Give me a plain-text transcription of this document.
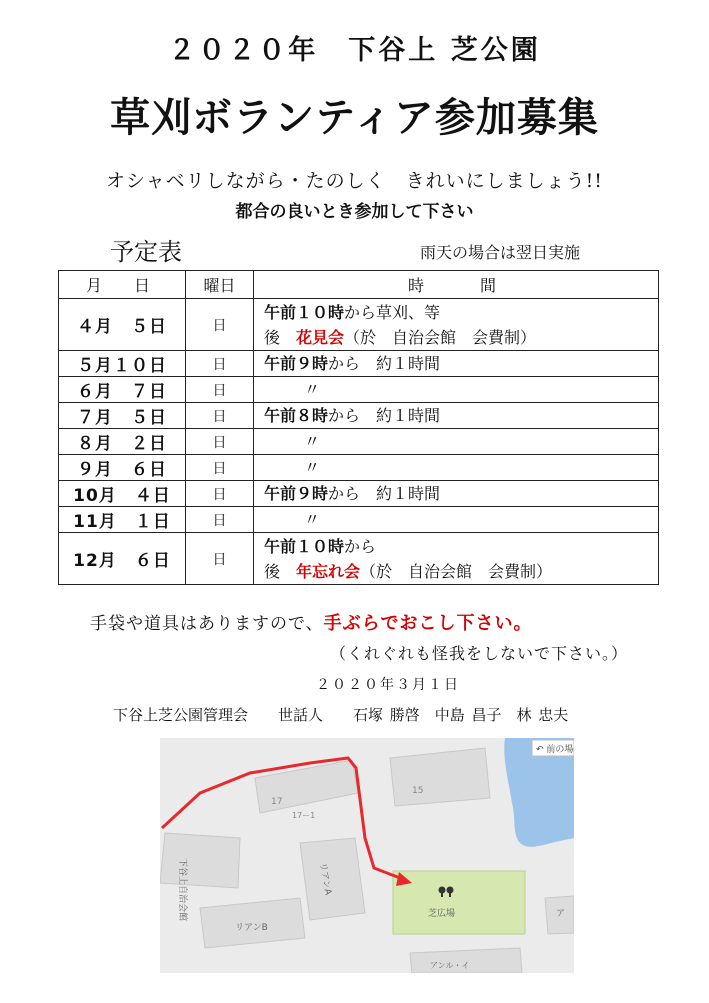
２０２０年　下谷上 芝公園
草刈ボランティア参加募集
オシャベリしながら・たのしく　きれいにしましょう!!
都合の良いとき参加して下さい
予定表	雨天の場合は翌日実施
月　日	曜日	時　　間
４月　５日	日	午前１０時から草刈、等
後　花見会（於　自治会館　会費制）
５月１０日	日	午前９時から　約１時間
６月　７日	日	〃
７月　５日	日	午前８時から　約１時間
８月　２日	日	〃
９月　６日	日	〃
10月　４日	日	午前９時から　約１時間
11月　１日	日	〃
12月　６日	日	午前１０時から
後　年忘れ会（於　自治会館　会費制）
手袋や道具はありますので、手ぶらでおこし下さい。
（くれぐれも怪我をしないで下さい。）
２０２０年３月１日
下谷上芝公園管理会　　世話人　　石塚 勝啓　中島 昌子　林 忠夫
17
17ー1
15
下谷上自治会館	リアンA
リアンB
芝広場	ア
アンル・イ
↶ 前の場
